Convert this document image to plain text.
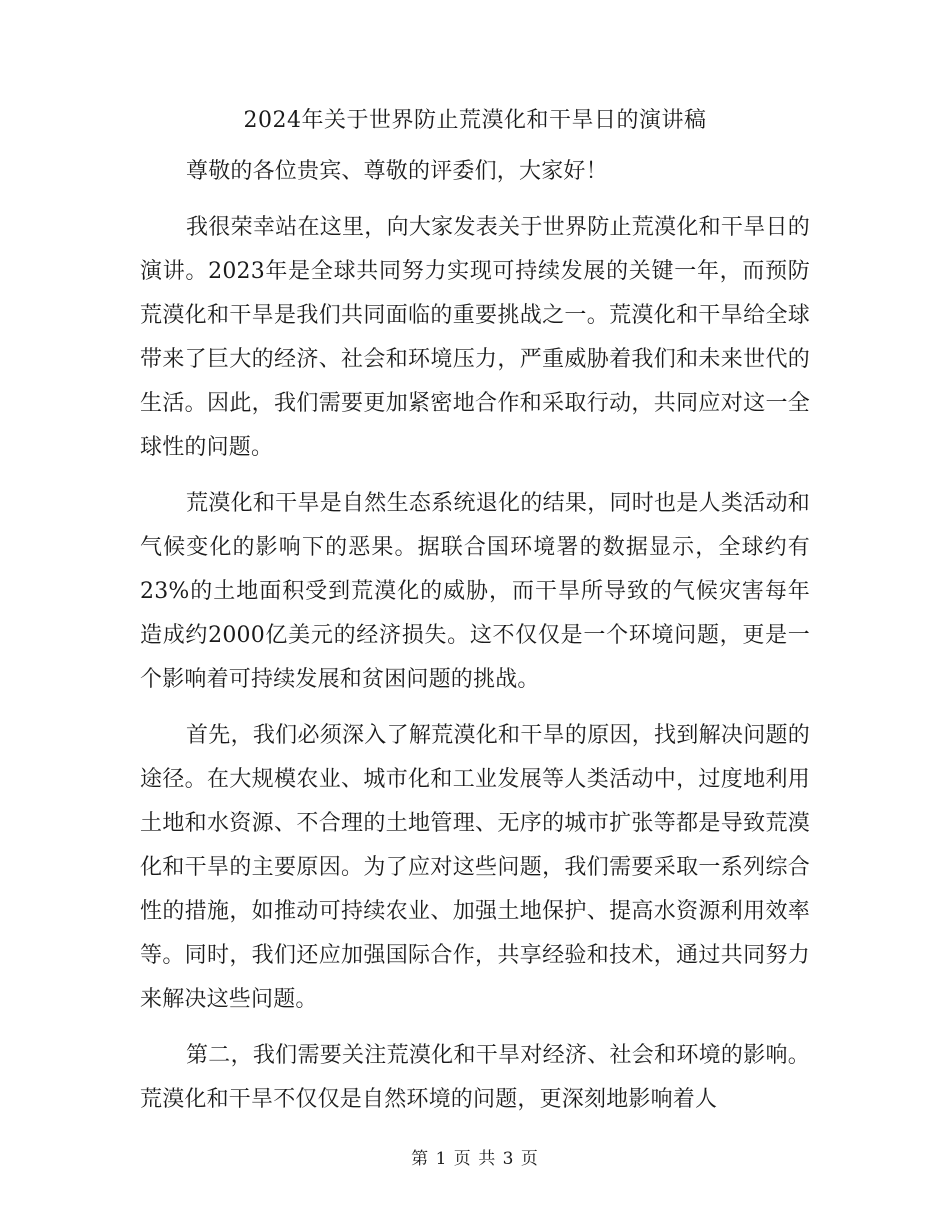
2024年关于世界防止荒漠化和干旱日的演讲稿

尊敬的各位贵宾、尊敬的评委们，大家好！

我很荣幸站在这里，向大家发表关于世界防止荒漠化和干旱日的演讲。2023年是全球共同努力实现可持续发展的关键一年，而预防荒漠化和干旱是我们共同面临的重要挑战之一。荒漠化和干旱给全球带来了巨大的经济、社会和环境压力，严重威胁着我们和未来世代的生活。因此，我们需要更加紧密地合作和采取行动，共同应对这一全球性的问题。

荒漠化和干旱是自然生态系统退化的结果，同时也是人类活动和气候变化的影响下的恶果。据联合国环境署的数据显示，全球约有23%的土地面积受到荒漠化的威胁，而干旱所导致的气候灾害每年造成约2000亿美元的经济损失。这不仅仅是一个环境问题，更是一个影响着可持续发展和贫困问题的挑战。

首先，我们必须深入了解荒漠化和干旱的原因，找到解决问题的途径。在大规模农业、城市化和工业发展等人类活动中，过度地利用土地和水资源、不合理的土地管理、无序的城市扩张等都是导致荒漠化和干旱的主要原因。为了应对这些问题，我们需要采取一系列综合性的措施，如推动可持续农业、加强土地保护、提高水资源利用效率等。同时，我们还应加强国际合作，共享经验和技术，通过共同努力来解决这些问题。

第二，我们需要关注荒漠化和干旱对经济、社会和环境的影响。荒漠化和干旱不仅仅是自然环境的问题，更深刻地影响着人

第 1 页 共 3 页
